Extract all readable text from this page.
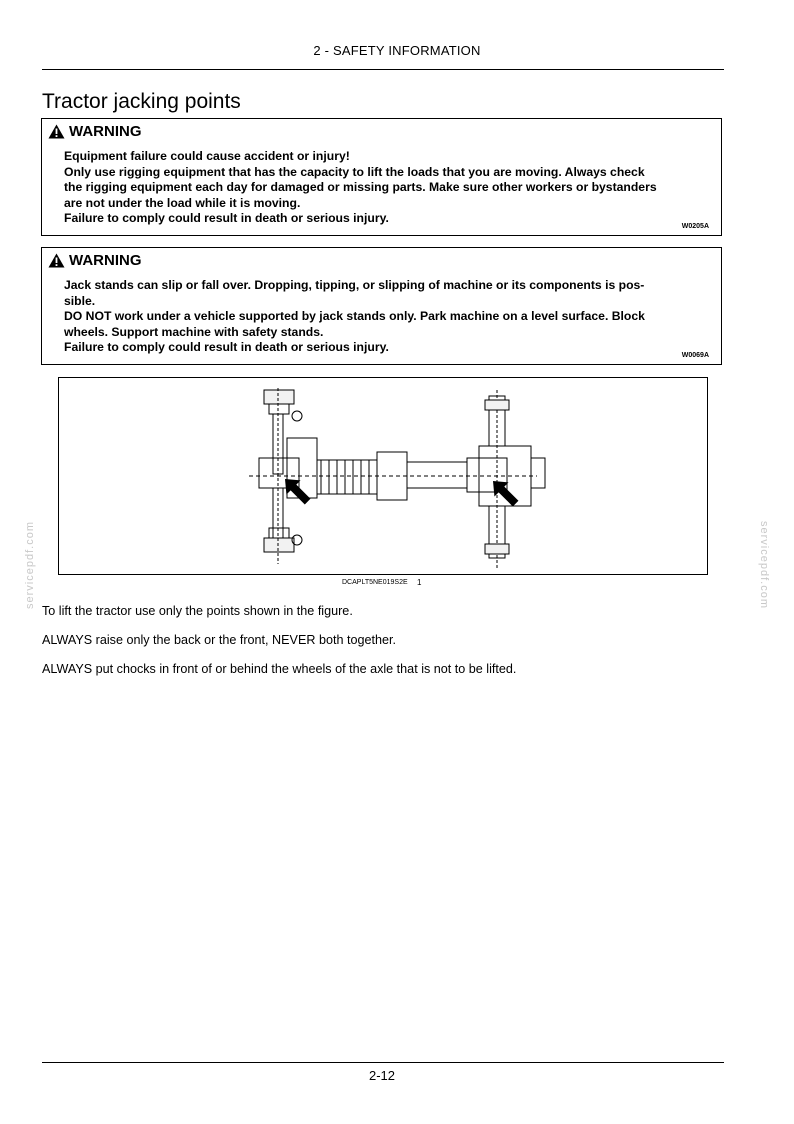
2 - SAFETY INFORMATION
Tractor jacking points
WARNING
Equipment failure could cause accident or injury!
Only use rigging equipment that has the capacity to lift the loads that you are moving. Always check
the rigging equipment each day for damaged or missing parts. Make sure other workers or bystanders
are not under the load while it is moving.
Failure to comply could result in death or serious injury.
W0205A
WARNING
Jack stands can slip or fall over. Dropping, tipping, or slipping of machine or its components is pos-
sible.
DO NOT work under a vehicle supported by jack stands only. Park machine on a level surface. Block
wheels. Support machine with safety stands.
Failure to comply could result in death or serious injury.
W0069A
DCAPLT5NE019S2E 1
To lift the tractor use only the points shown in the figure.
ALWAYS raise only the back or the front, NEVER both together.
ALWAYS put chocks in front of or behind the wheels of the axle that is not to be lifted.
servicepdf.com	servicepdf.com
2-12
